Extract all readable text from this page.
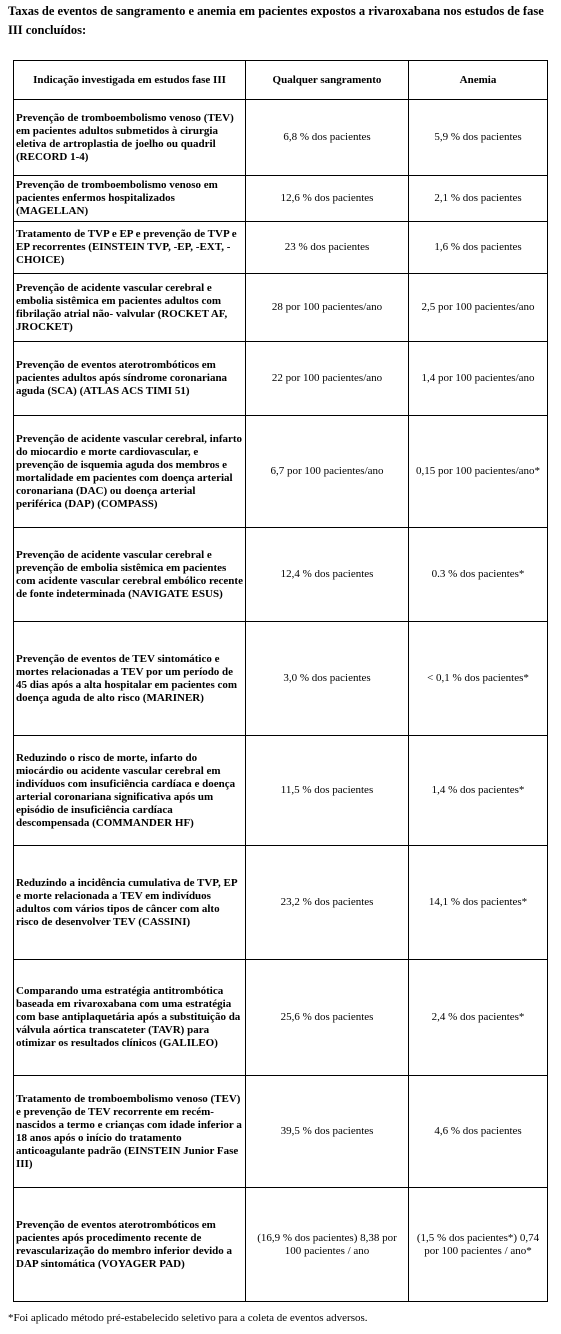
Taxas de eventos de sangramento e anemia em pacientes expostos a rivaroxabana nos estudos de fase III concluídos:
Indicação investigada em estudos fase III	Qualquer sangramento	Anemia
Prevenção de tromboembolismo venoso (TEV) em pacientes adultos submetidos à cirurgia eletiva de artroplastia de joelho ou quadril (RECORD 1-4)	6,8 % dos pacientes	5,9 % dos pacientes
Prevenção de tromboembolismo venoso em pacientes enfermos hospitalizados (MAGELLAN)	12,6 % dos pacientes	2,1 % dos pacientes
Tratamento de TVP e EP e prevenção de TVP e EP recorrentes (EINSTEIN TVP, -EP, -EXT, -CHOICE)	23 % dos pacientes	1,6 % dos pacientes
Prevenção de acidente vascular cerebral e embolia sistêmica em pacientes adultos com fibrilação atrial não- valvular (ROCKET AF, JROCKET)	28 por 100 pacientes/ano	2,5 por 100 pacientes/ano
Prevenção de eventos aterotrombóticos em pacientes adultos após síndrome coronariana aguda (SCA) (ATLAS ACS TIMI 51)	22 por 100 pacientes/ano	1,4 por 100 pacientes/ano
Prevenção de acidente vascular cerebral, infarto do miocardio e morte cardiovascular, e prevenção de isquemia aguda dos membros e mortalidade em pacientes com doença arterial coronariana (DAC) ou doença arterial periférica (DAP) (COMPASS)	6,7 por 100 pacientes/ano	0,15 por 100 pacientes/ano*
Prevenção de acidente vascular cerebral e prevenção de embolia sistêmica em pacientes com acidente vascular cerebral embólico recente de fonte indeterminada (NAVIGATE ESUS)	12,4 % dos pacientes	0.3 % dos pacientes*
Prevenção de eventos de TEV sintomático e mortes relacionadas a TEV por um período de 45 dias após a alta hospitalar em pacientes com doença aguda de alto risco (MARINER)	3,0 % dos pacientes	< 0,1 % dos pacientes*
Reduzindo o risco de morte, infarto do miocárdio ou acidente vascular cerebral em indivíduos com insuficiência cardíaca e doença arterial coronariana significativa após um episódio de insuficiência cardíaca descompensada (COMMANDER HF)	11,5 % dos pacientes	1,4 % dos pacientes*
Reduzindo a incidência cumulativa de TVP, EP e morte relacionada a TEV em indivíduos adultos com vários tipos de câncer com alto risco de desenvolver TEV (CASSINI)	23,2 % dos pacientes	14,1 % dos pacientes*
Comparando uma estratégia antitrombótica baseada em rivaroxabana com uma estratégia com base antiplaquetária após a substituição da válvula aórtica transcateter (TAVR) para otimizar os resultados clínicos (GALILEO)	25,6 % dos pacientes	2,4 % dos pacientes*
Tratamento de tromboembolismo venoso (TEV) e prevenção de TEV recorrente em recém-nascidos a termo e crianças com idade inferior a 18 anos após o início do tratamento anticoagulante padrão (EINSTEIN Junior Fase III)	39,5 % dos pacientes	4,6 % dos pacientes
Prevenção de eventos aterotrombóticos em pacientes após procedimento recente de revascularização do membro inferior devido a DAP sintomática (VOYAGER PAD)	(16,9 % dos pacientes) 8,38 por 100 pacientes / ano	(1,5 % dos pacientes*) 0,74 por 100 pacientes / ano*
*Foi aplicado método pré-estabelecido seletivo para a coleta de eventos adversos.
